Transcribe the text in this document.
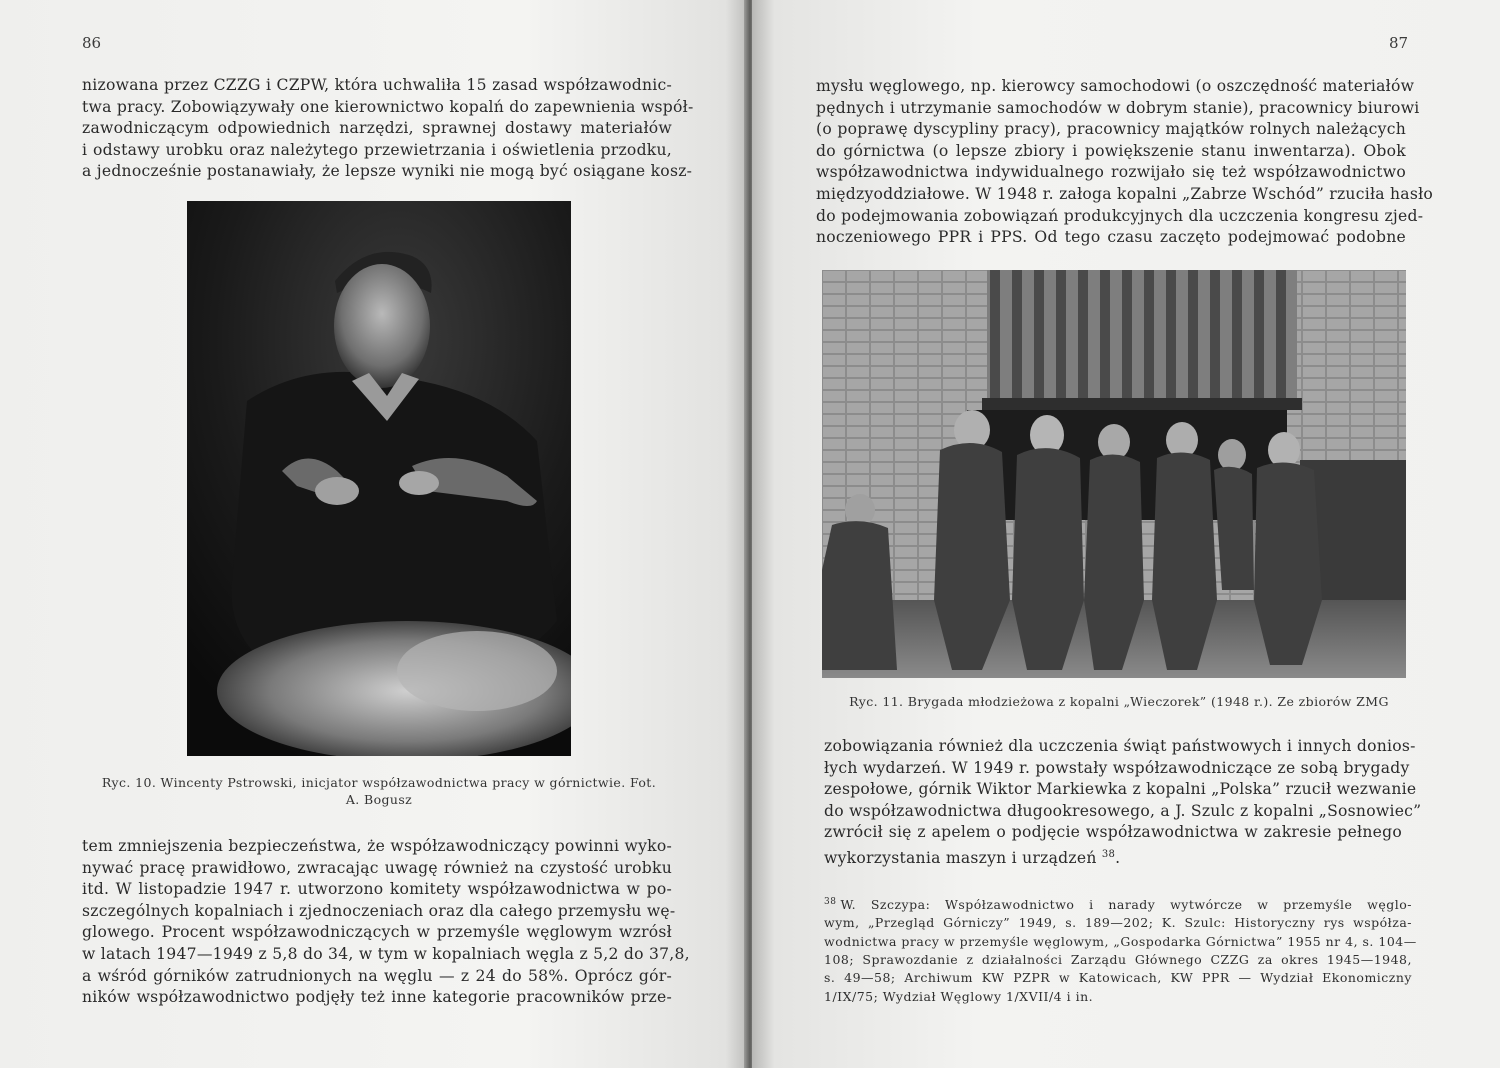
86
nizowana przez CZZG i CZPW, która uchwaliła 15 zasad współzawodnic-
twa pracy. Zobowiązywały one kierownictwo kopalń do zapewnienia współ-
zawodniczącym odpowiednich narzędzi, sprawnej dostawy materiałów
i odstawy urobku oraz należytego przewietrzania i oświetlenia przodku,
a jednocześnie postanawiały, że lepsze wyniki nie mogą być osiągane kosz-
Ryc. 10. Wincenty Pstrowski, inicjator współzawodnictwa pracy w górnictwie. Fot.
A. Bogusz
tem zmniejszenia bezpieczeństwa, że współzawodniczący powinni wyko-
nywać pracę prawidłowo, zwracając uwagę również na czystość urobku
itd. W listopadzie 1947 r. utworzono komitety współzawodnictwa w po-
szczególnych kopalniach i zjednoczeniach oraz dla całego przemysłu wę-
glowego. Procent współzawodniczących w przemyśle węglowym wzrósł
w latach 1947—1949 z 5,8 do 34, w tym w kopalniach węgla z 5,2 do 37,8,
a wśród górników zatrudnionych na węglu — z 24 do 58%. Oprócz gór-
ników współzawodnictwo podjęły też inne kategorie pracowników prze-
87
mysłu węglowego, np. kierowcy samochodowi (o oszczędność materiałów
pędnych i utrzymanie samochodów w dobrym stanie), pracownicy biurowi
(o poprawę dyscypliny pracy), pracownicy majątków rolnych należących
do górnictwa (o lepsze zbiory i powiększenie stanu inwentarza). Obok
współzawodnictwa indywidualnego rozwijało się też współzawodnictwo
międzyoddziałowe. W 1948 r. załoga kopalni „Zabrze Wschód” rzuciła hasło
do podejmowania zobowiązań produkcyjnych dla uczczenia kongresu zjed-
noczeniowego PPR i PPS. Od tego czasu zaczęto podejmować podobne
Ryc. 11. Brygada młodzieżowa z kopalni „Wieczorek” (1948 r.). Ze zbiorów ZMG
zobowiązania również dla uczczenia świąt państwowych i innych donios-
łych wydarzeń. W 1949 r. powstały współzawodniczące ze sobą brygady
zespołowe, górnik Wiktor Markiewka z kopalni „Polska” rzucił wezwanie
do współzawodnictwa długookresowego, a J. Szulc z kopalni „Sosnowiec”
zwrócił się z apelem o podjęcie współzawodnictwa w zakresie pełnego
wykorzystania maszyn i urządzeń $^{38}$.
$^{38}$ W. Szczypa: Współzawodnictwo i narady wytwórcze w przemyśle węglo-
wym, „Przegląd Górniczy” 1949, s. 189—202; K. Szulc: Historyczny rys współza-
wodnictwa pracy w przemyśle węglowym, „Gospodarka Górnictwa” 1955 nr 4, s. 104—
108; Sprawozdanie z działalności Zarządu Głównego CZZG za okres 1945—1948,
s. 49—58; Archiwum KW PZPR w Katowicach, KW PPR — Wydział Ekonomiczny
1/IX/75; Wydział Węglowy 1/XVII/4 i in.
